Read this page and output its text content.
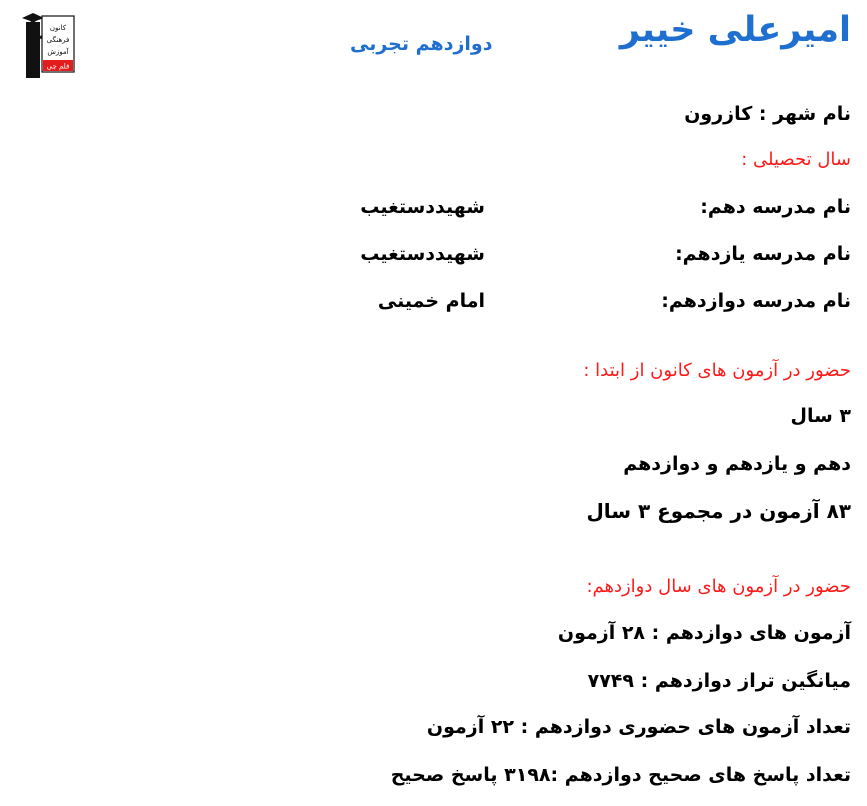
کانون
فرهنگی
آموزش
قلم چی
امیرعلی خییر
دوازدهم تجربی
نام شهر : کازرون
سال تحصیلی :
نام مدرسه دهم:
شهیددستغیب
نام مدرسه یازدهم:
شهیددستغیب
نام مدرسه دوازدهم:
امام خمینی
حضور در آزمون های کانون از ابتدا :
۳ سال
دهم و یازدهم و دوازدهم
۸۳ آزمون در مجموع ۳ سال
حضور در آزمون های سال دوازدهم:
آزمون های دوازدهم : ۲۸ آزمون
میانگین تراز دوازدهم : ۷۷۴۹
تعداد آزمون های حضوری دوازدهم : ۲۲ آزمون
تعداد پاسخ های صحیح دوازدهم :۳۱۹۸ پاسخ صحیح
